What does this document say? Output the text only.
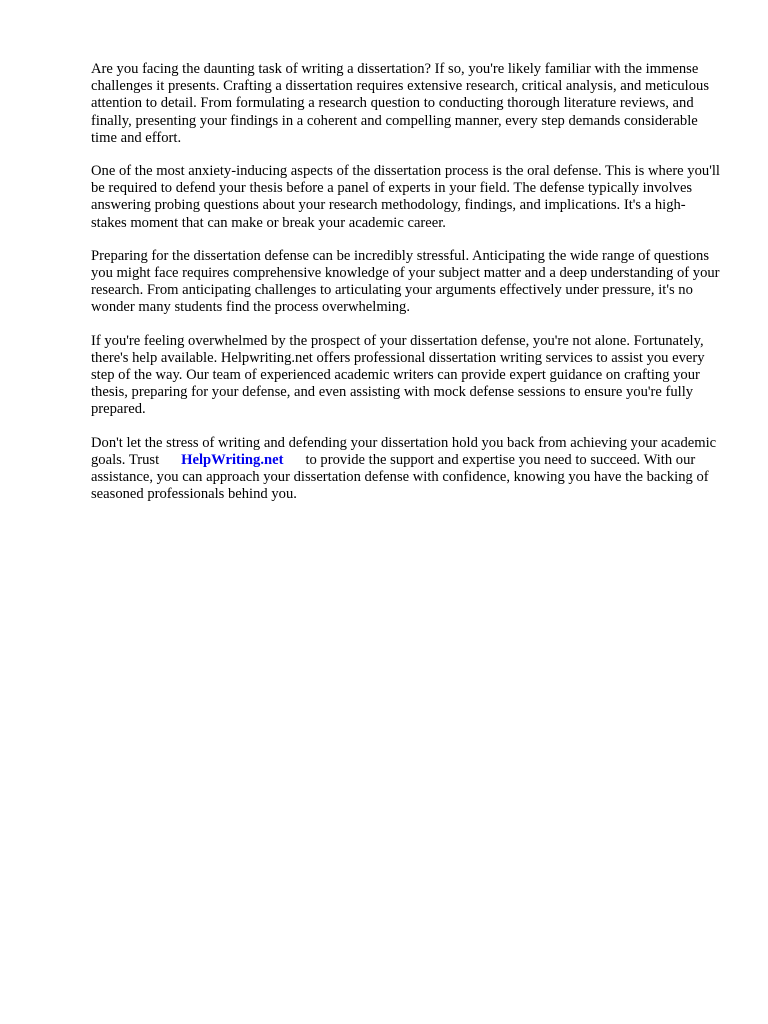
Are you facing the daunting task of writing a dissertation? If so, you're likely familiar with the immense challenges it presents. Crafting a dissertation requires extensive research, critical analysis, and meticulous attention to detail. From formulating a research question to conducting thorough literature reviews, and finally, presenting your findings in a coherent and compelling manner, every step demands considerable time and effort.

One of the most anxiety-inducing aspects of the dissertation process is the oral defense. This is where you'll be required to defend your thesis before a panel of experts in your field. The defense typically involves answering probing questions about your research methodology, findings, and implications. It's a high-stakes moment that can make or break your academic career.

Preparing for the dissertation defense can be incredibly stressful. Anticipating the wide range of questions you might face requires comprehensive knowledge of your subject matter and a deep understanding of your research. From anticipating challenges to articulating your arguments effectively under pressure, it's no wonder many students find the process overwhelming.

If you're feeling overwhelmed by the prospect of your dissertation defense, you're not alone. Fortunately, there's help available. Helpwriting.net offers professional dissertation writing services to assist you every step of the way. Our team of experienced academic writers can provide expert guidance on crafting your thesis, preparing for your defense, and even assisting with mock defense sessions to ensure you're fully prepared.

Don't let the stress of writing and defending your dissertation hold you back from achieving your academic goals. Trust HelpWriting.net to provide the support and expertise you need to succeed. With our assistance, you can approach your dissertation defense with confidence, knowing you have the backing of seasoned professionals behind you.
